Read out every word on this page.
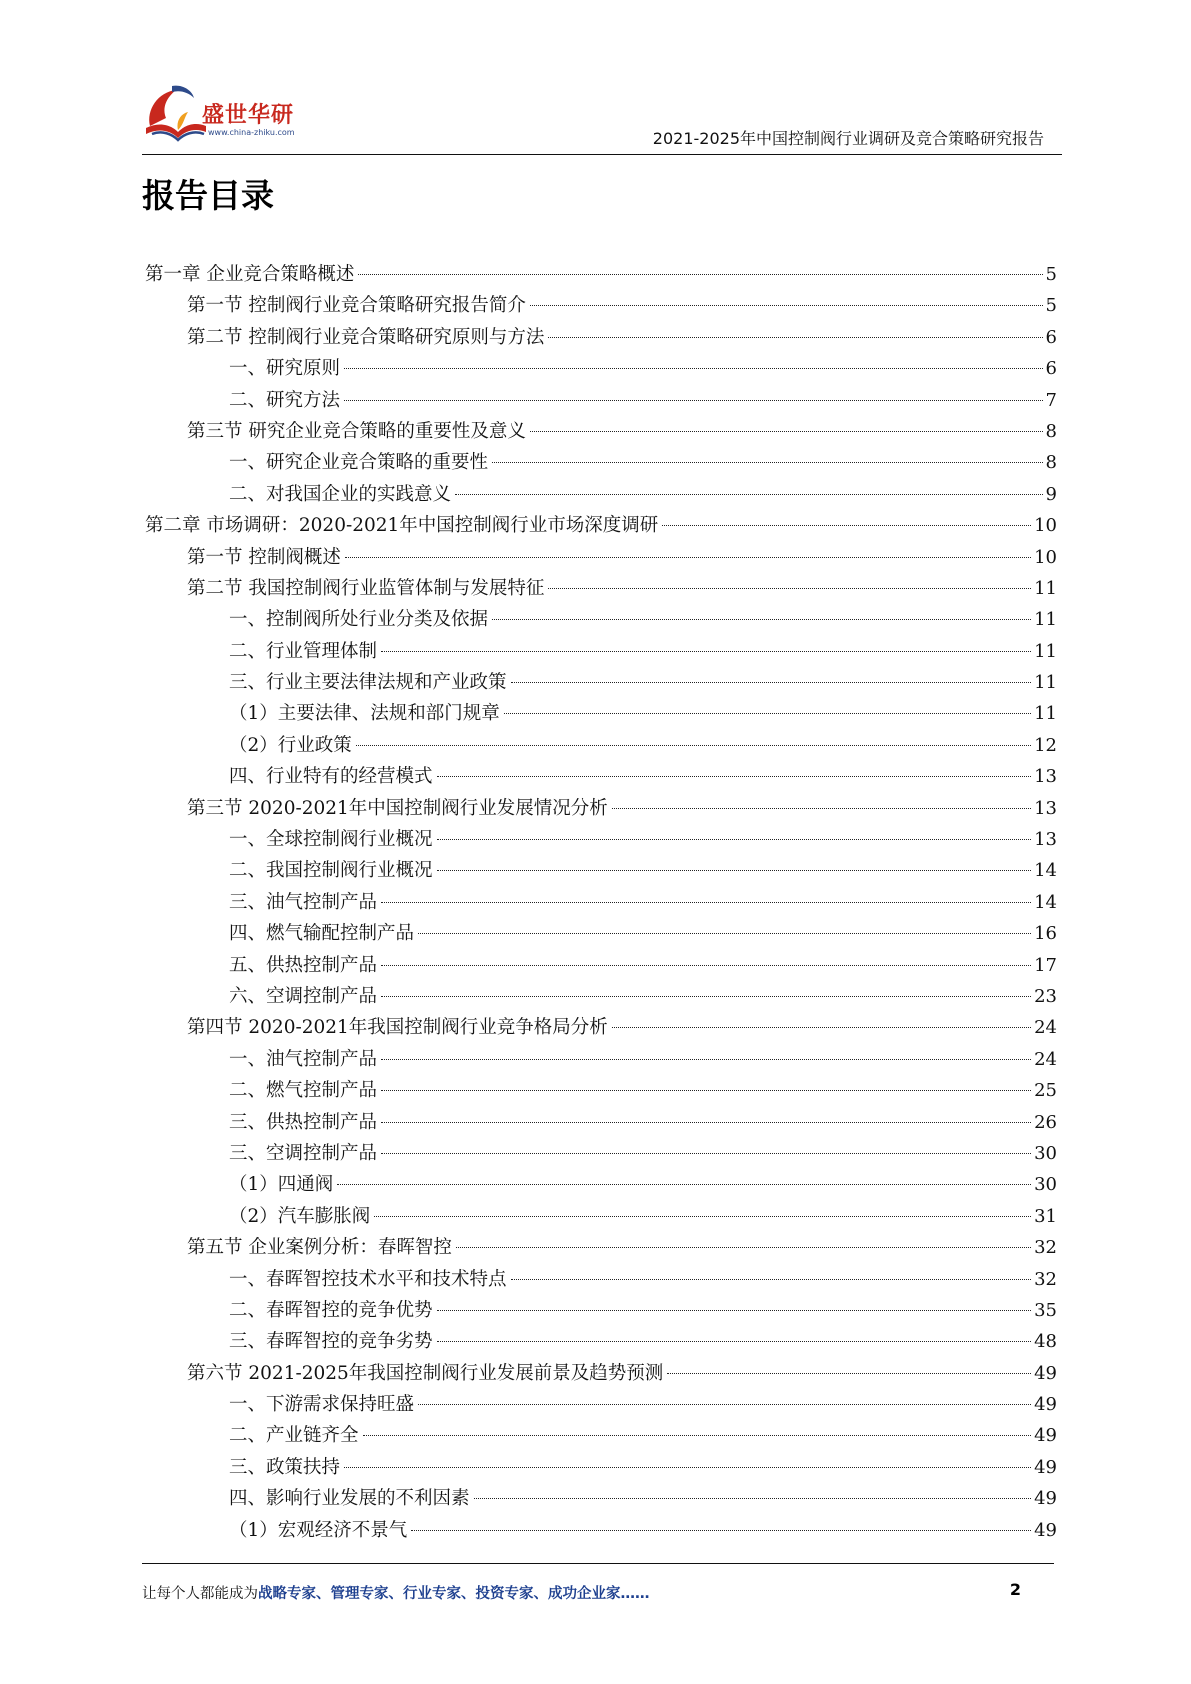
盛世华研
www.china-zhiku.com	2021-2025年中国控制阀行业调研及竞合策略研究报告
报告目录
第一章 企业竞合策略概述	5
第一节 控制阀行业竞合策略研究报告简介	5
第二节 控制阀行业竞合策略研究原则与方法	6
一、研究原则	6
二、研究方法	7
第三节 研究企业竞合策略的重要性及意义	8
一、研究企业竞合策略的重要性	8
二、对我国企业的实践意义	9
第二章 市场调研：2020-2021年中国控制阀行业市场深度调研	10
第一节 控制阀概述	10
第二节 我国控制阀行业监管体制与发展特征	11
一、控制阀所处行业分类及依据	11
二、行业管理体制	11
三、行业主要法律法规和产业政策	11
（1）主要法律、法规和部门规章	11
（2）行业政策	12
四、行业特有的经营模式	13
第三节 2020-2021年中国控制阀行业发展情况分析	13
一、全球控制阀行业概况	13
二、我国控制阀行业概况	14
三、油气控制产品	14
四、燃气输配控制产品	16
五、供热控制产品	17
六、空调控制产品	23
第四节 2020-2021年我国控制阀行业竞争格局分析	24
一、油气控制产品	24
二、燃气控制产品	25
三、供热控制产品	26
三、空调控制产品	30
（1）四通阀	30
（2）汽车膨胀阀	31
第五节 企业案例分析：春晖智控	32
一、春晖智控技术水平和技术特点	32
二、春晖智控的竞争优势	35
三、春晖智控的竞争劣势	48
第六节 2021-2025年我国控制阀行业发展前景及趋势预测	49
一、下游需求保持旺盛	49
二、产业链齐全	49
三、政策扶持	49
四、影响行业发展的不利因素	49
（1）宏观经济不景气	49
让每个人都能成为战略专家、管理专家、行业专家、投资专家、成功企业家……	2
